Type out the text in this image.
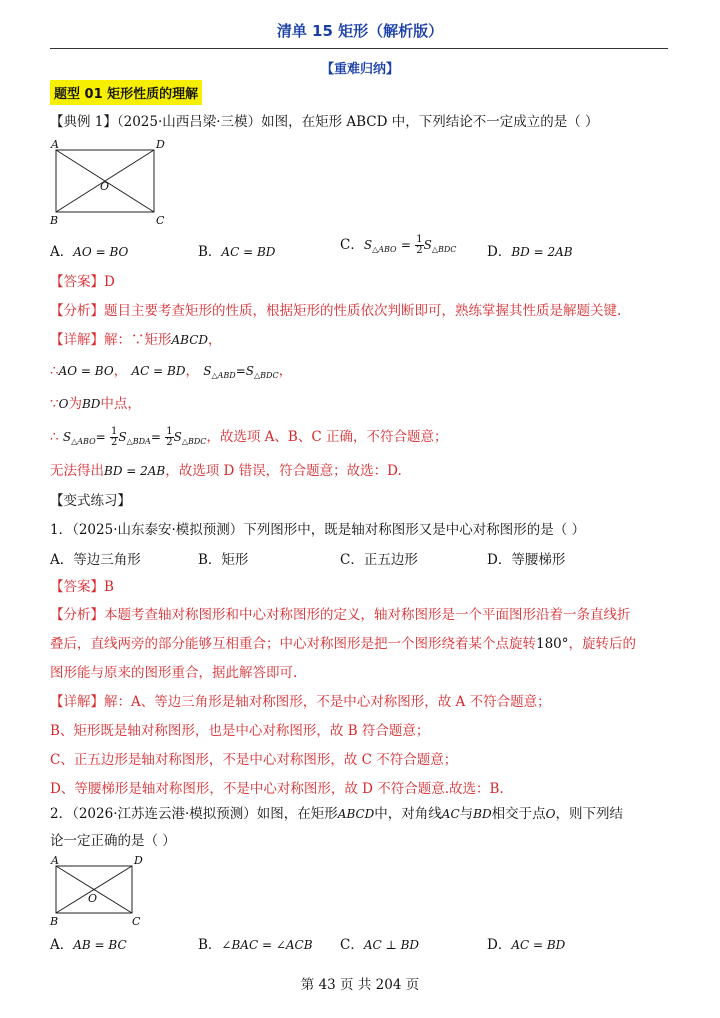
清单 15 矩形（解析版）
【重难归纳】
题型 01 矩形性质的理解
【典例 1】（2025·山西吕梁·三模）如图，在矩形 ABCD 中，下列结论不一定成立的是（ ）
A	D
B	C
O
A．AO = BO	B．AC = BD	C．$S_{\triangle ABO} = \frac{1}{2} S_{\triangle BDC}$ D．BD = 2AB
【答案】D
【分析】题目主要考查矩形的性质，根据矩形的性质依次判断即可，熟练掌握其性质是解题关键.
【详解】解：∵矩形ABCD，
∴AO = BO， AC = BD， $S_{\triangle ABD}=S_{\triangle BDC}$，
∵O为BD中点，
∴ $S_{\triangle ABO}= \frac{1}{2} S_{\triangle BDA}= \frac{1}{2} S_{\triangle BDC}$，故选项 A、B、C 正确，不符合题意；
无法得出BD = 2AB，故选项 D 错误，符合题意；故选：D.
【变式练习】
1．（2025·山东泰安·模拟预测）下列图形中，既是轴对称图形又是中心对称图形的是（ ）
A．等边三角形	B．矩形	C．正五边形	D．等腰梯形
【答案】B
【分析】本题考查轴对称图形和中心对称图形的定义，轴对称图形是一个平面图形沿着一条直线折
叠后，直线两旁的部分能够互相重合；中心对称图形是把一个图形绕着某个点旋转180°，旋转后的
图形能与原来的图形重合，据此解答即可.
【详解】解：A、等边三角形是轴对称图形，不是中心对称图形，故 A 不符合题意；
B、矩形既是轴对称图形，也是中心对称图形，故 B 符合题意；
C、正五边形是轴对称图形，不是中心对称图形，故 C 不符合题意；
D、等腰梯形是轴对称图形，不是中心对称图形，故 D 不符合题意.故选：B.
2．（2026·江苏连云港·模拟预测）如图，在矩形ABCD中，对角线AC与BD相交于点O，则下列结
论一定正确的是（ ）
A	D
B	C
O
A．AB = BC	B．∠BAC = ∠ACB C．AC ⊥ BD	D．AC = BD
第 43 页 共 204 页
